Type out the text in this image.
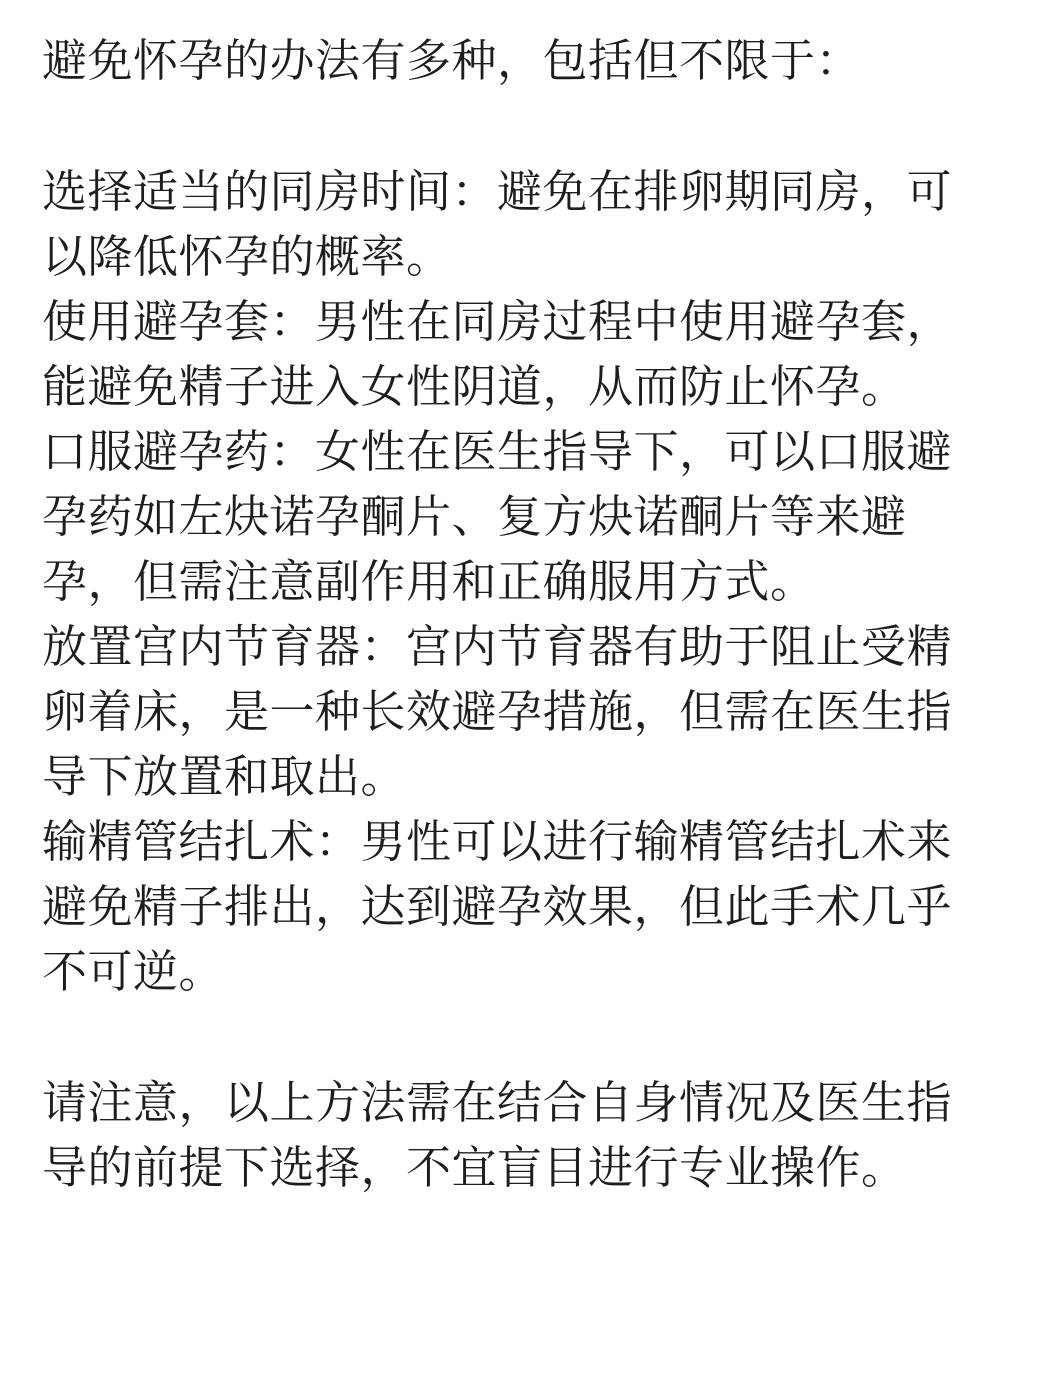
避免怀孕的办法有多种，包括但不限于：
选择适当的同房时间：避免在排卵期同房，可
以降低怀孕的概率。
使用避孕套：男性在同房过程中使用避孕套，
能避免精子进入女性阴道，从而防止怀孕。
口服避孕药：女性在医生指导下，可以口服避
孕药如左炔诺孕酮片、复方炔诺酮片等来避
孕，但需注意副作用和正确服用方式。
放置宫内节育器：宫内节育器有助于阻止受精
卵着床，是一种长效避孕措施，但需在医生指
导下放置和取出。
输精管结扎术：男性可以进行输精管结扎术来
避免精子排出，达到避孕效果，但此手术几乎
不可逆。
请注意，以上方法需在结合自身情况及医生指
导的前提下选择，不宜盲目进行专业操作。
